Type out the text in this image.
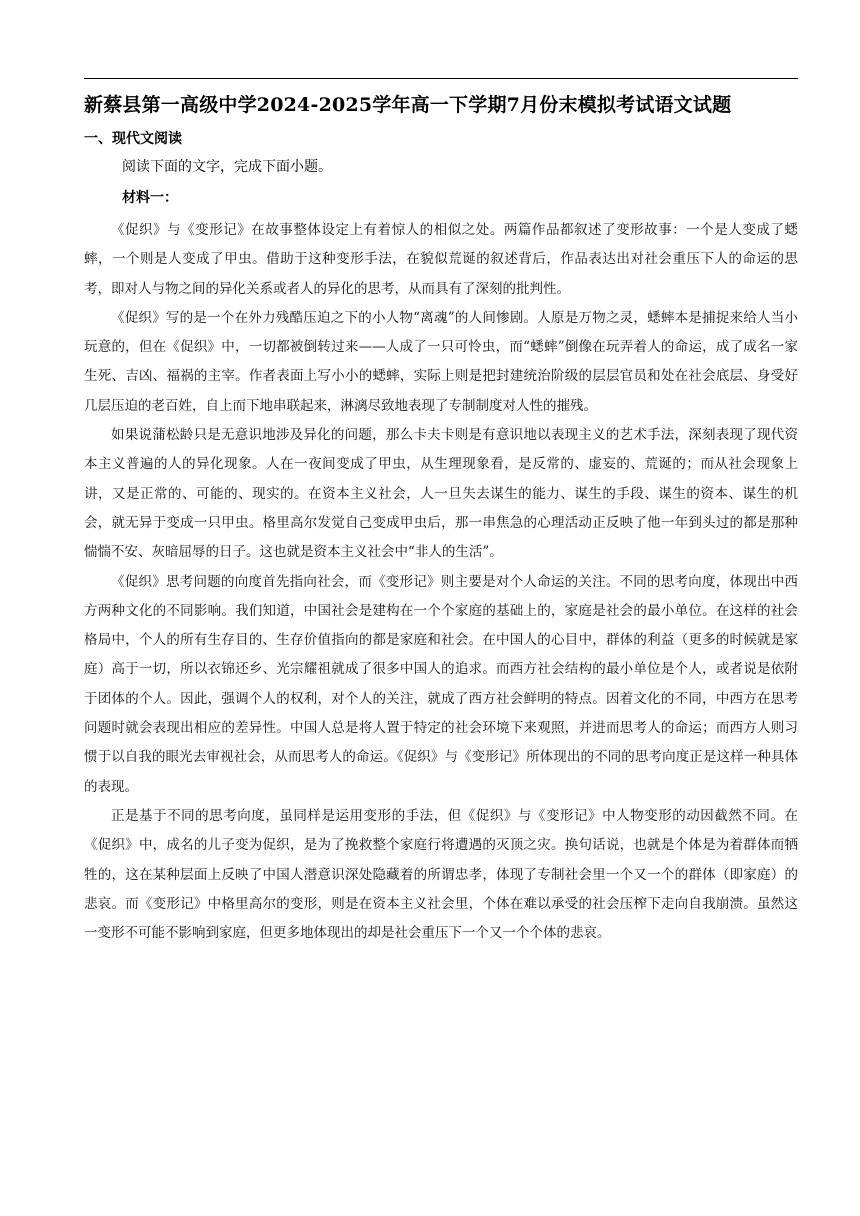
新蔡县第一高级中学2024-2025学年高一下学期7月份末模拟考试语文试题
一、现代文阅读
阅读下面的文字，完成下面小题。
材料一：

《促织》与《变形记》在故事整体设定上有着惊人的相似之处。两篇作品都叙述了变形故事：一个是人变成了蟋蟀，一个则是人变成了甲虫。借助于这种变形手法，在貌似荒诞的叙述背后，作品表达出对社会重压下人的命运的思考，即对人与物之间的异化关系或者人的异化的思考，从而具有了深刻的批判性。

《促织》写的是一个在外力残酷压迫之下的小人物“离魂”的人间惨剧。人原是万物之灵，蟋蟀本是捕捉来给人当小玩意的，但在《促织》中，一切都被倒转过来——人成了一只可怜虫，而“蟋蟀”倒像在玩弄着人的命运，成了成名一家生死、吉凶、福祸的主宰。作者表面上写小小的蟋蟀，实际上则是把封建统治阶级的层层官员和处在社会底层、身受好几层压迫的老百姓，自上而下地串联起来，淋漓尽致地表现了专制制度对人性的摧残。

如果说蒲松龄只是无意识地涉及异化的问题，那么卡夫卡则是有意识地以表现主义的艺术手法，深刻表现了现代资本主义普遍的人的异化现象。人在一夜间变成了甲虫，从生理现象看，是反常的、虚妄的、荒诞的；而从社会现象上讲，又是正常的、可能的、现实的。在资本主义社会，人一旦失去谋生的能力、谋生的手段、谋生的资本、谋生的机会，就无异于变成一只甲虫。格里高尔发觉自己变成甲虫后，那一串焦急的心理活动正反映了他一年到头过的都是那种惴惴不安、灰暗屈辱的日子。这也就是资本主义社会中“非人的生活”。

《促织》思考问题的向度首先指向社会，而《变形记》则主要是对个人命运的关注。不同的思考向度，体现出中西方两种文化的不同影响。我们知道，中国社会是建构在一个个家庭的基础上的，家庭是社会的最小单位。在这样的社会格局中，个人的所有生存目的、生存价值指向的都是家庭和社会。在中国人的心目中，群体的利益（更多的时候就是家庭）高于一切，所以衣锦还乡、光宗耀祖就成了很多中国人的追求。而西方社会结构的最小单位是个人，或者说是依附于团体的个人。因此，强调个人的权利，对个人的关注，就成了西方社会鲜明的特点。因着文化的不同，中西方在思考问题时就会表现出相应的差异性。中国人总是将人置于特定的社会环境下来观照，并进而思考人的命运；而西方人则习惯于以自我的眼光去审视社会，从而思考人的命运。《促织》与《变形记》所体现出的不同的思考向度正是这样一种具体的表现。

正是基于不同的思考向度，虽同样是运用变形的手法，但《促织》与《变形记》中人物变形的动因截然不同。在《促织》中，成名的儿子变为促织，是为了挽救整个家庭行将遭遇的灭顶之灾。换句话说，也就是个体是为着群体而牺牲的，这在某种层面上反映了中国人潜意识深处隐藏着的所谓忠孝，体现了专制社会里一个又一个的群体（即家庭）的悲哀。而《变形记》中格里高尔的变形，则是在资本主义社会里，个体在难以承受的社会压榨下走向自我崩溃。虽然这一变形不可能不影响到家庭，但更多地体现出的却是社会重压下一个又一个个体的悲哀。
